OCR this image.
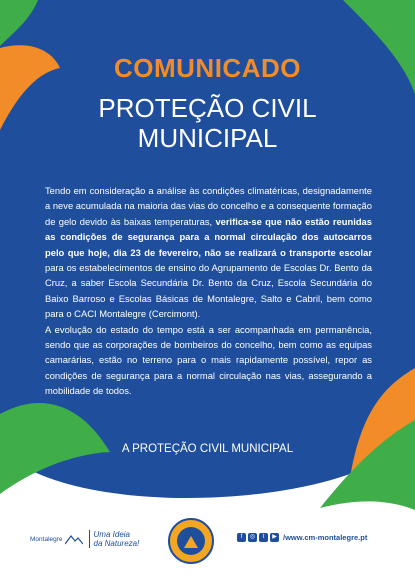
COMUNICADO
PROTEÇÃO CIVIL
MUNICIPAL

Tendo em consideração a análise às condições climatéricas, designadamente a neve acumulada na maioria das vias do concelho e a consequente formação de gelo devido às baixas temperaturas, verifica-se que não estão reunidas as condições de segurança para a normal circulação dos autocarros pelo que hoje, dia 23 de fevereiro, não se realizará o transporte escolar para os estabelecimentos de ensino do Agrupamento de Escolas Dr. Bento da Cruz, a saber Escola Secundária Dr. Bento da Cruz, Escola Secundária do Baixo Barroso e Escolas Básicas de Montalegre, Salto e Cabril, bem como para o CACI Montalegre (Cercimont).

A evolução do estado do tempo está a ser acompanhada em permanência, sendo que as corporações de bombeiros do concelho, bem como as equipas camarárias, estão no terreno para o mais rapidamente possível, repor as condições de segurança para a normal circulação nas vias, assegurando a mobilidade de todos.

A PROTEÇÃO CIVIL MUNICIPAL
Montalegre	Uma Ideia
da Natureza!
f	◎	t	▶ /www.cm-montalegre.pt
